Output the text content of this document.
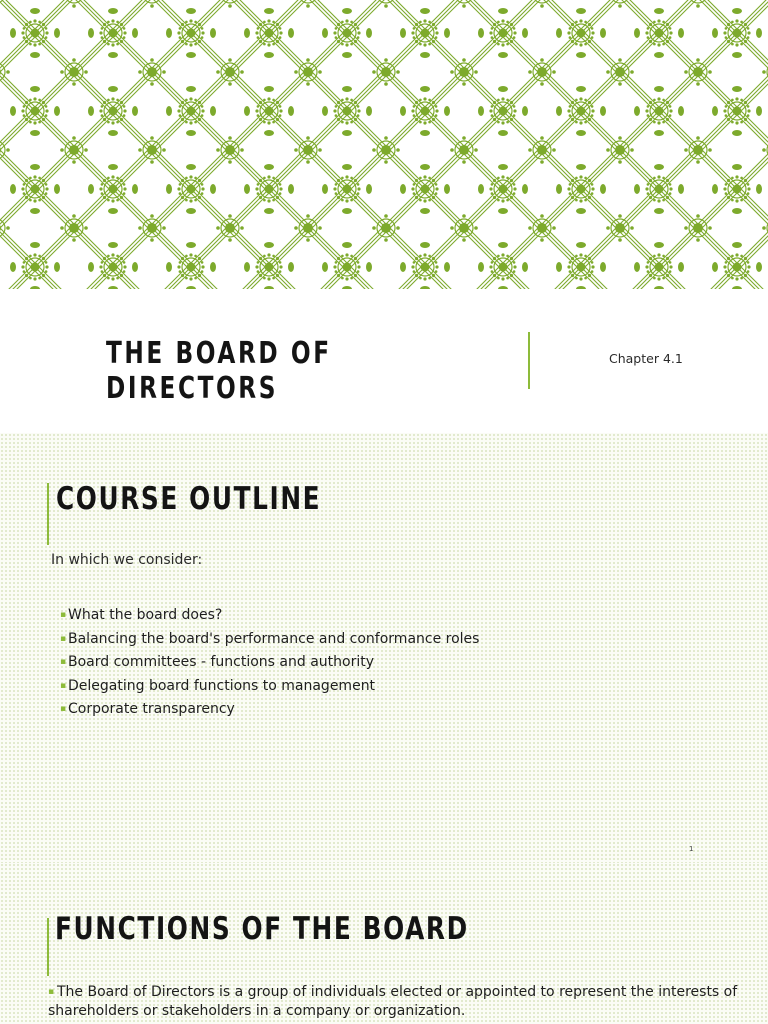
THE BOARD OF DIRECTORS
Chapter 4.1
COURSE OUTLINE

In which we consider:

▪ What the board does?
▪ Balancing the board's performance and conformance roles
▪ Board committees - functions and authority
▪ Delegating board functions to management
▪ Corporate transparency
1
FUNCTIONS OF THE BOARD

▪ The Board of Directors is a group of individuals elected or appointed to represent the interests of shareholders or stakeholders in a company or organization.
